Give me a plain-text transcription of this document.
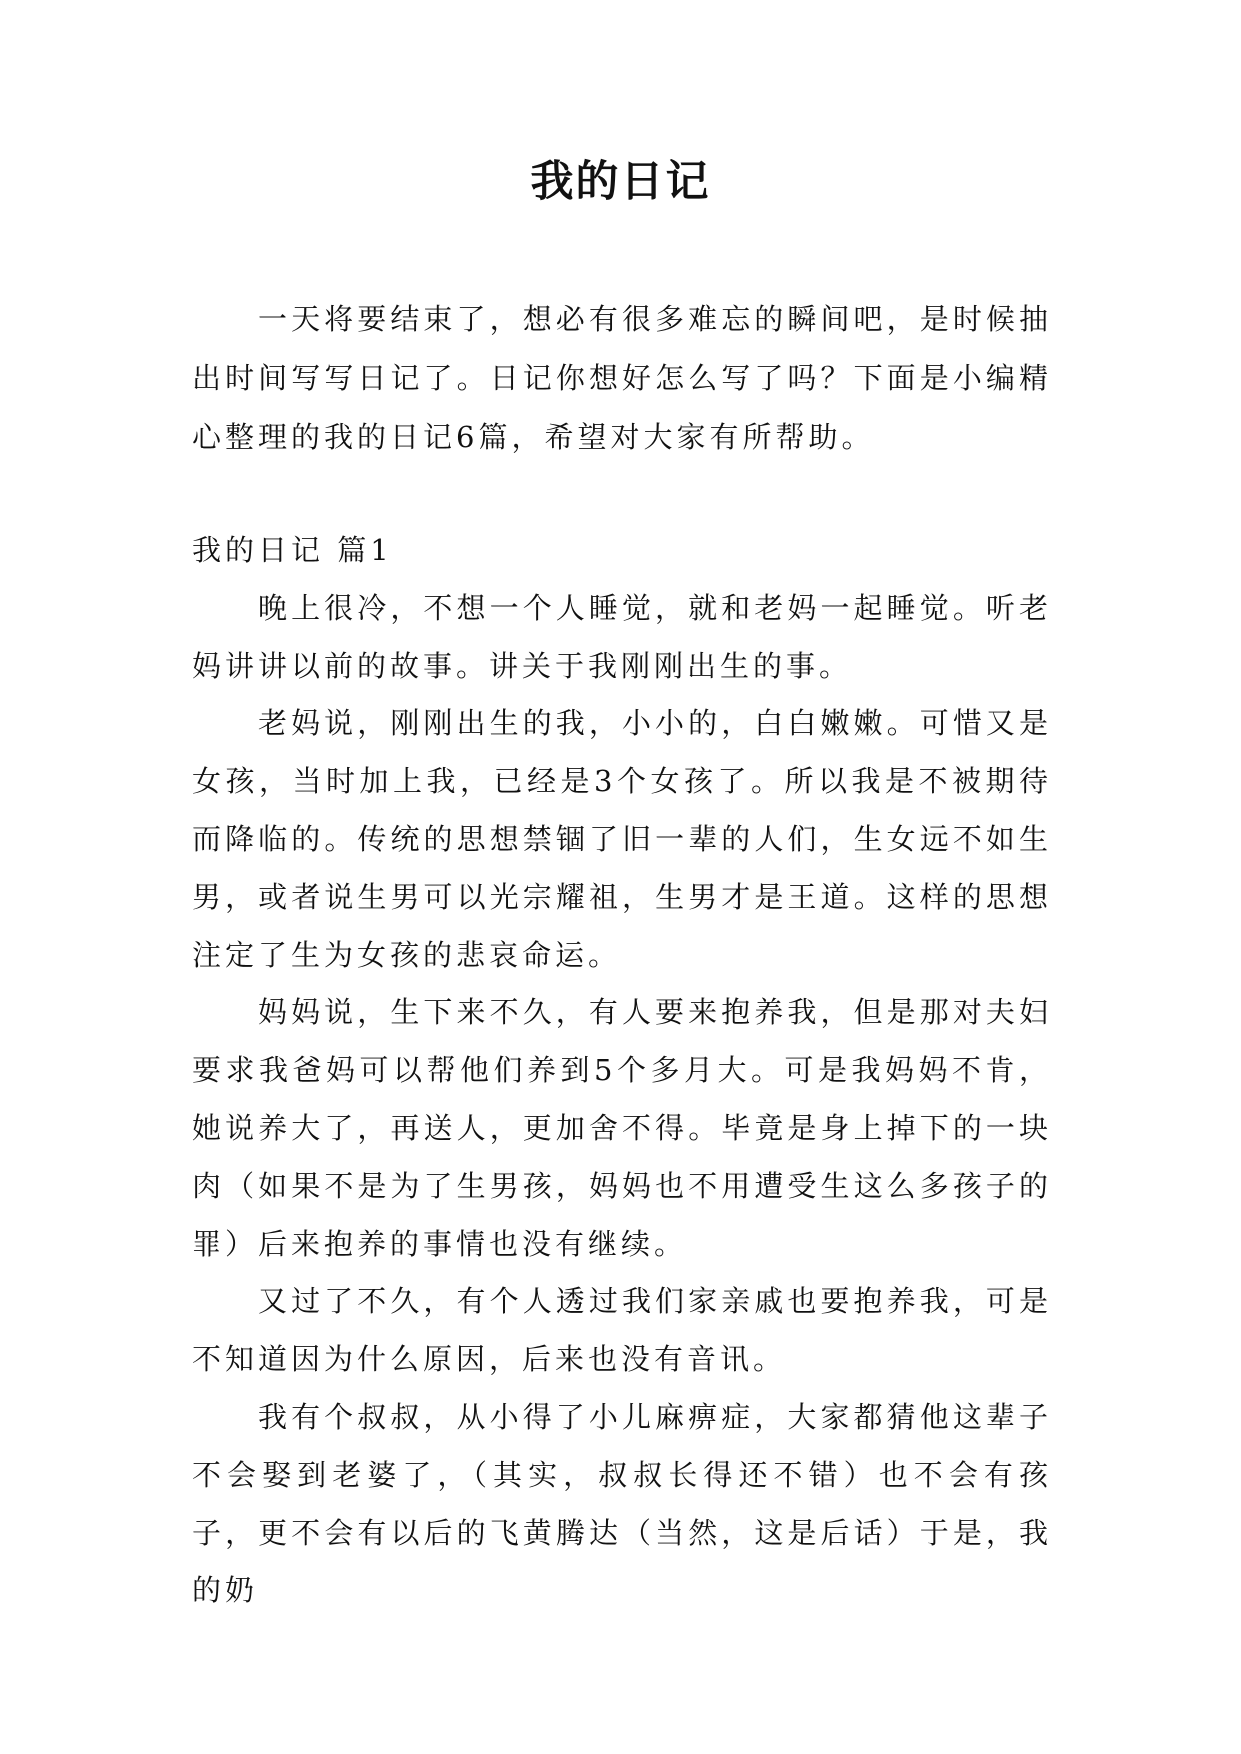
我的日记

一天将要结束了，想必有很多难忘的瞬间吧，是时候抽出时间写写日记了。日记你想好怎么写了吗？下面是小编精心整理的我的日记6篇，希望对大家有所帮助。

我的日记 篇1

晚上很冷，不想一个人睡觉，就和老妈一起睡觉。听老妈讲讲以前的故事。讲关于我刚刚出生的事。

老妈说，刚刚出生的我，小小的，白白嫩嫩。可惜又是女孩，当时加上我，已经是3个女孩了。所以我是不被期待而降临的。传统的思想禁锢了旧一辈的人们，生女远不如生男，或者说生男可以光宗耀祖，生男才是王道。这样的思想注定了生为女孩的悲哀命运。

妈妈说，生下来不久，有人要来抱养我，但是那对夫妇要求我爸妈可以帮他们养到5个多月大。可是我妈妈不肯，她说养大了，再送人，更加舍不得。毕竟是身上掉下的一块肉（如果不是为了生男孩，妈妈也不用遭受生这么多孩子的罪）后来抱养的事情也没有继续。

又过了不久，有个人透过我们家亲戚也要抱养我，可是不知道因为什么原因，后来也没有音讯。

我有个叔叔，从小得了小儿麻痹症，大家都猜他这辈子不会娶到老婆了，（其实，叔叔长得还不错）也不会有孩子，更不会有以后的飞黄腾达（当然，这是后话）于是，我的奶
